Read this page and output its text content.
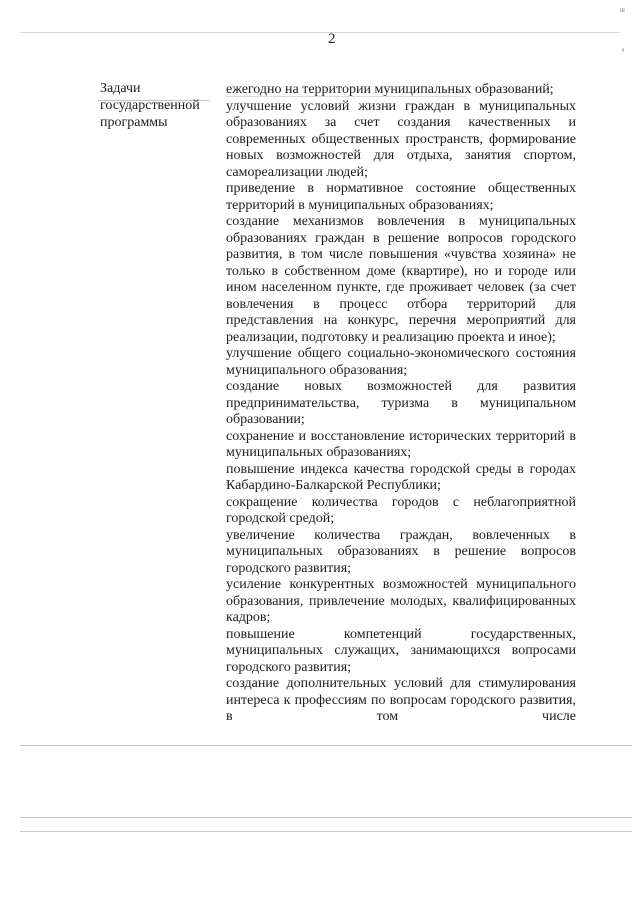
ᵚ
ˢ
2
Задачи государственной программы

ежегодно на территории муниципальных образований;

улучшение условий жизни граждан в муниципальных образованиях за счет создания качественных и современных общественных пространств, формирование новых возможностей для отдыха, занятия спортом, самореализации людей;

приведение в нормативное состояние общественных территорий в муниципальных образованиях;

создание механизмов вовлечения в муниципальных образованиях граждан в решение вопросов городского развития, в том числе повышения «чувства хозяина» не только в собственном доме (квартире), но и городе или ином населенном пункте, где проживает человек (за счет вовлечения в процесс отбора территорий для представления на конкурс, перечня мероприятий для реализации, подготовку и реализацию проекта и иное);

улучшение общего социально-экономического состояния муниципального образования;

создание новых возможностей для развития предпринимательства, туризма в муниципальном образовании;

сохранение и восстановление исторических территорий в муниципальных образованиях;

повышение индекса качества городской среды в городах Кабардино-Балкарской Республики;

сокращение количества городов с неблагоприятной городской средой;

увеличение количества граждан, вовлеченных в муниципальных образованиях в решение вопросов городского развития;

усиление конкурентных возможностей муниципального образования, привлечение молодых, квалифицированных кадров;

повышение компетенций государственных, муниципальных служащих, занимающихся вопросами городского развития;

создание дополнительных условий для стимулирования интереса к профессиям по вопросам городского развития, в том числе
